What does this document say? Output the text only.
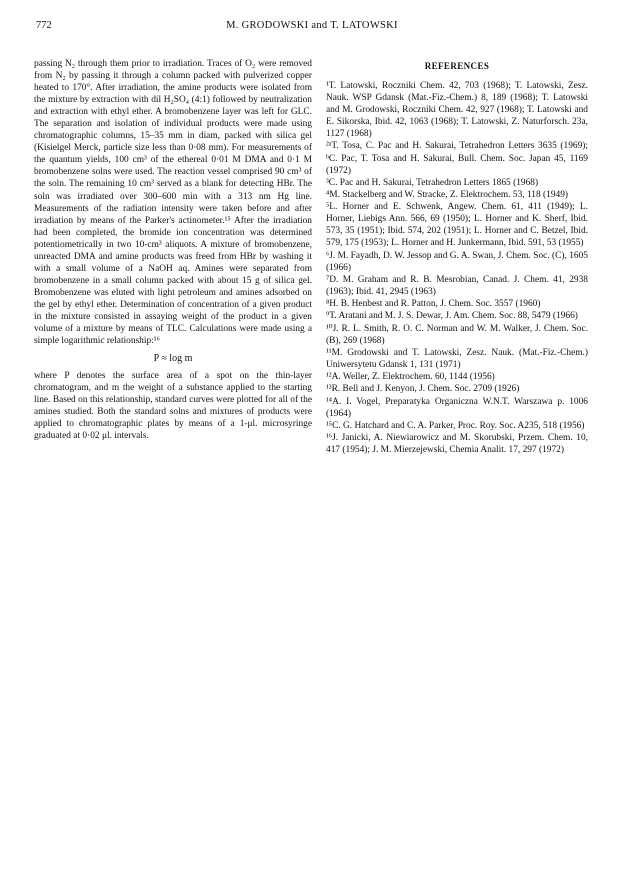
772	M. GRODOWSKI and T. LATOWSKI

passing N₂ through them prior to irradiation. Traces of O₂ were removed from N₂ by passing it through a column packed with pulverized copper heated to 170°. After irradiation, the amine products were isolated from the mixture by extraction with dil H₂SO₄ (4:1) followed by neutralization and extraction with ethyl ether. A bromobenzene layer was left for GLC. The separation and isolation of individual products were made using chromatographic columns, 15–35 mm in diam, packed with silica gel (Kisielgel Merck, particle size less than 0·08 mm). For measurements of the quantum yields, 100 cm³ of the ethereal 0·01 M DMA and 0·1 M bromobenzene solns were used. The reaction vessel comprised 90 cm³ of the soln. The remaining 10 cm³ served as a blank for detecting HBr. The soln was irradiated over 300–600 min with a 313 nm Hg line. Measurements of the radiation intensity were taken before and after irradiation by means of the Parker's actinometer.¹⁵ After the irradiation had been completed, the bromide ion concentration was determined potentiometrically in two 10-cm³ aliquots. A mixture of bromobenzene, unreacted DMA and amine products was freed from HBr by washing it with a small volume of a NaOH aq. Amines were separated from bromobenzene in a small column packed with about 15 g of silica gel. Bromobenzene was eluted with light petroleum and amines adsorbed on the gel by ethyl ether. Determination of concentration of a given product in the mixture consisted in assaying weight of the product in a given volume of a mixture by means of TLC. Calculations were made using a simple logarithmic relationship:¹⁶

P ≈ log m

where P denotes the surface area of a spot on the thin-layer chromatogram, and m the weight of a substance applied to the starting line. Based on this relationship, standard curves were plotted for all of the amines studied. Both the standard solns and mixtures of products were applied to chromatographic plates by means of a 1-μl. microsyringe graduated at 0·02 μl. intervals.

REFERENCES
¹T. Latowski, Roczniki Chem. 42, 703 (1968); T. Latowski, Zesz. Nauk. WSP Gdansk (Mat.-Fiz.-Chem.) 8, 189 (1968); T. Latowski and M. Grodowski, Roczniki Chem. 42, 927 (1968); T. Latowski and E. Sikorska, Ibid. 42, 1063 (1968); T. Latowski, Z. Naturforsch. 23a, 1127 (1968)
²ᵃT. Tosa, C. Pac and H. Sakurai, Tetrahedron Letters 3635 (1969); ᵇC. Pac, T. Tosa and H. Sakurai, Bull. Chem. Soc. Japan 45, 1169 (1972)
³C. Pac and H. Sakurai, Tetrahedron Letters 1865 (1968)
⁴M. Stackelberg and W. Stracke, Z. Elektrochem. 53, 118 (1949)
⁵L. Horner and E. Schwenk, Angew. Chem. 61, 411 (1949); L. Horner, Liebigs Ann. 566, 69 (1950); L. Horner and K. Sherf, Ibid. 573, 35 (1951); Ibid. 574, 202 (1951); L. Horner and C. Betzel, Ibid. 579, 175 (1953); L. Horner and H. Junkermann, Ibid. 591, 53 (1955)
⁶J. M. Fayadh, D. W. Jessop and G. A. Swan, J. Chem. Soc. (C), 1605 (1966)
⁷D. M. Graham and R. B. Mesrobian, Canad. J. Chem. 41, 2938 (1963); Ibid. 41, 2945 (1963)
⁸H. B. Henbest and R. Patton, J. Chem. Soc. 3557 (1960)
⁹T. Aratani and M. J. S. Dewar, J. Am. Chem. Soc. 88, 5479 (1966)
¹⁰J. R. L. Smith, R. O. C. Norman and W. M. Walker, J. Chem. Soc. (B), 269 (1968)
¹¹M. Grodowski and T. Latowski, Zesz. Nauk. (Mat.-Fiz.-Chem.) Uniwersytetu Gdansk 1, 131 (1971)
¹²A. Weller, Z. Elektrochem. 60, 1144 (1956)
¹³R. Bell and J. Kenyon, J. Chem. Soc. 2709 (1926)
¹⁴A. I. Vogel, Preparatyka Organiczna W.N.T. Warszawa p. 1006 (1964)
¹⁵C. G. Hatchard and C. A. Parker, Proc. Roy. Soc. A235, 518 (1956)
¹⁶J. Janicki, A. Niewiarowicz and M. Skorubski, Przem. Chem. 10, 417 (1954); J. M. Mierzejewski, Chemia Analit. 17, 297 (1972)
